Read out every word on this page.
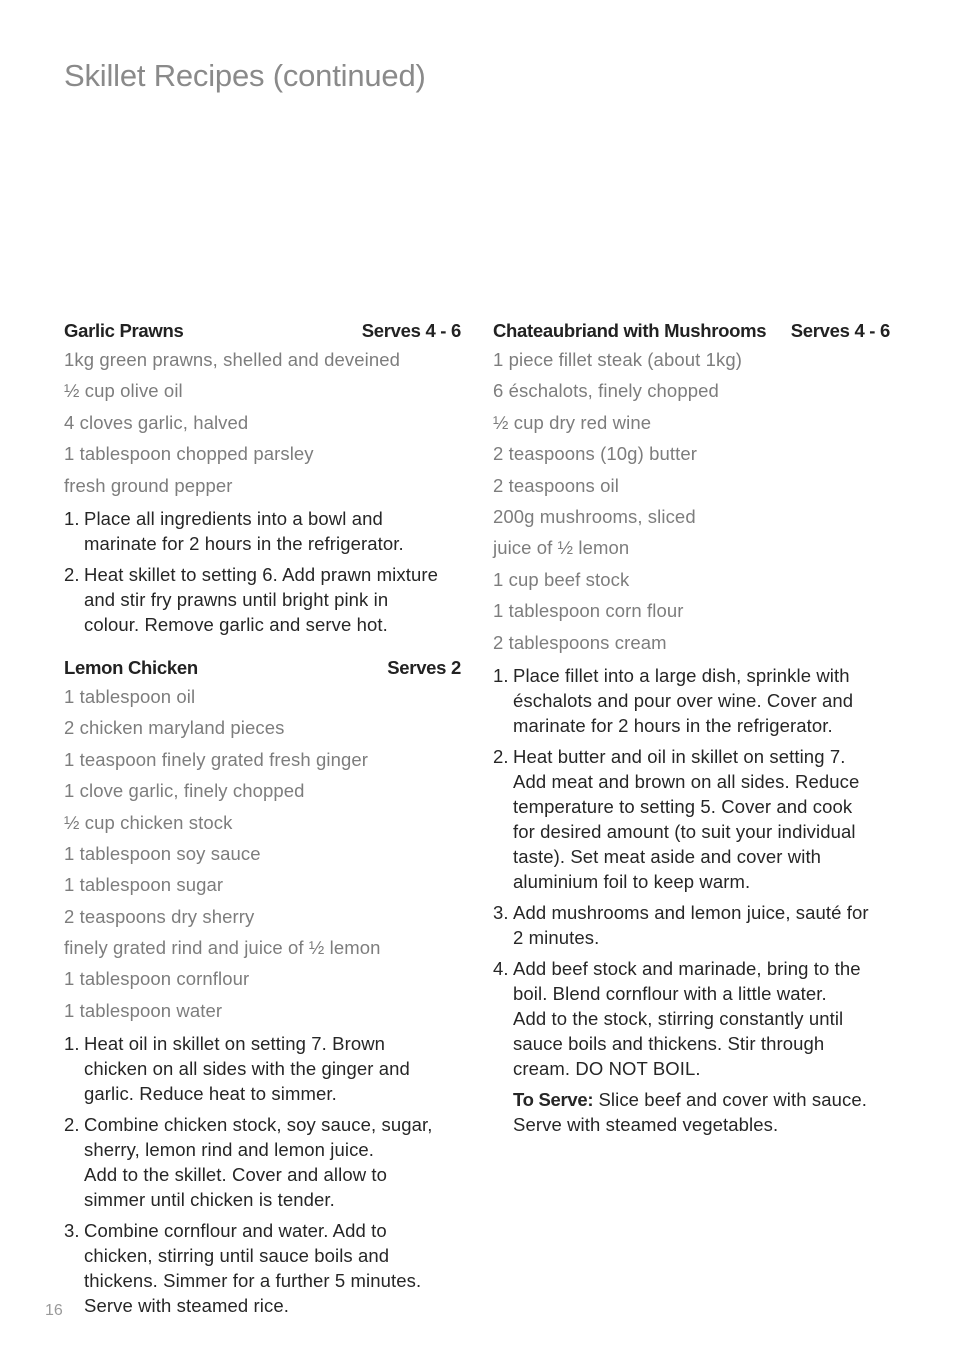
Skillet Recipes (continued)
Garlic Prawns	Serves 4 - 6
1kg green prawns, shelled and deveined
½ cup olive oil
4 cloves garlic, halved
1 tablespoon chopped parsley
fresh ground pepper
1. Place all ingredients into a bowl and
marinate for 2 hours in the refrigerator.
2. Heat skillet to setting 6. Add prawn mixture
and stir fry prawns until bright pink in
colour. Remove garlic and serve hot.
Lemon Chicken	Serves 2
1 tablespoon oil
2 chicken maryland pieces
1 teaspoon finely grated fresh ginger
1 clove garlic, finely chopped
½ cup chicken stock
1 tablespoon soy sauce
1 tablespoon sugar
2 teaspoons dry sherry
finely grated rind and juice of ½ lemon
1 tablespoon cornflour
1 tablespoon water
1. Heat oil in skillet on setting 7. Brown
chicken on all sides with the ginger and
garlic. Reduce heat to simmer.
2. Combine chicken stock, soy sauce, sugar,
sherry, lemon rind and lemon juice.
Add to the skillet. Cover and allow to
simmer until chicken is tender.
3. Combine cornflour and water. Add to
chicken, stirring until sauce boils and
thickens. Simmer for a further 5 minutes.
Serve with steamed rice.
Chateaubriand with Mushrooms Serves 4 - 6
1 piece fillet steak (about 1kg)
6 éschalots, finely chopped
½ cup dry red wine
2 teaspoons (10g) butter
2 teaspoons oil
200g mushrooms, sliced
juice of ½ lemon
1 cup beef stock
1 tablespoon corn flour
2 tablespoons cream
1. Place fillet into a large dish, sprinkle with
éschalots and pour over wine. Cover and
marinate for 2 hours in the refrigerator.
2. Heat butter and oil in skillet on setting 7.
Add meat and brown on all sides. Reduce
temperature to setting 5. Cover and cook
for desired amount (to suit your individual
taste). Set meat aside and cover with
aluminium foil to keep warm.
3. Add mushrooms and lemon juice, sauté for
2 minutes.
4. Add beef stock and marinade, bring to the
boil. Blend cornflour with a little water.
Add to the stock, stirring constantly until
sauce boils and thickens. Stir through
cream. DO NOT BOIL.

To Serve: Slice beef and cover with sauce.
Serve with steamed vegetables.

16
